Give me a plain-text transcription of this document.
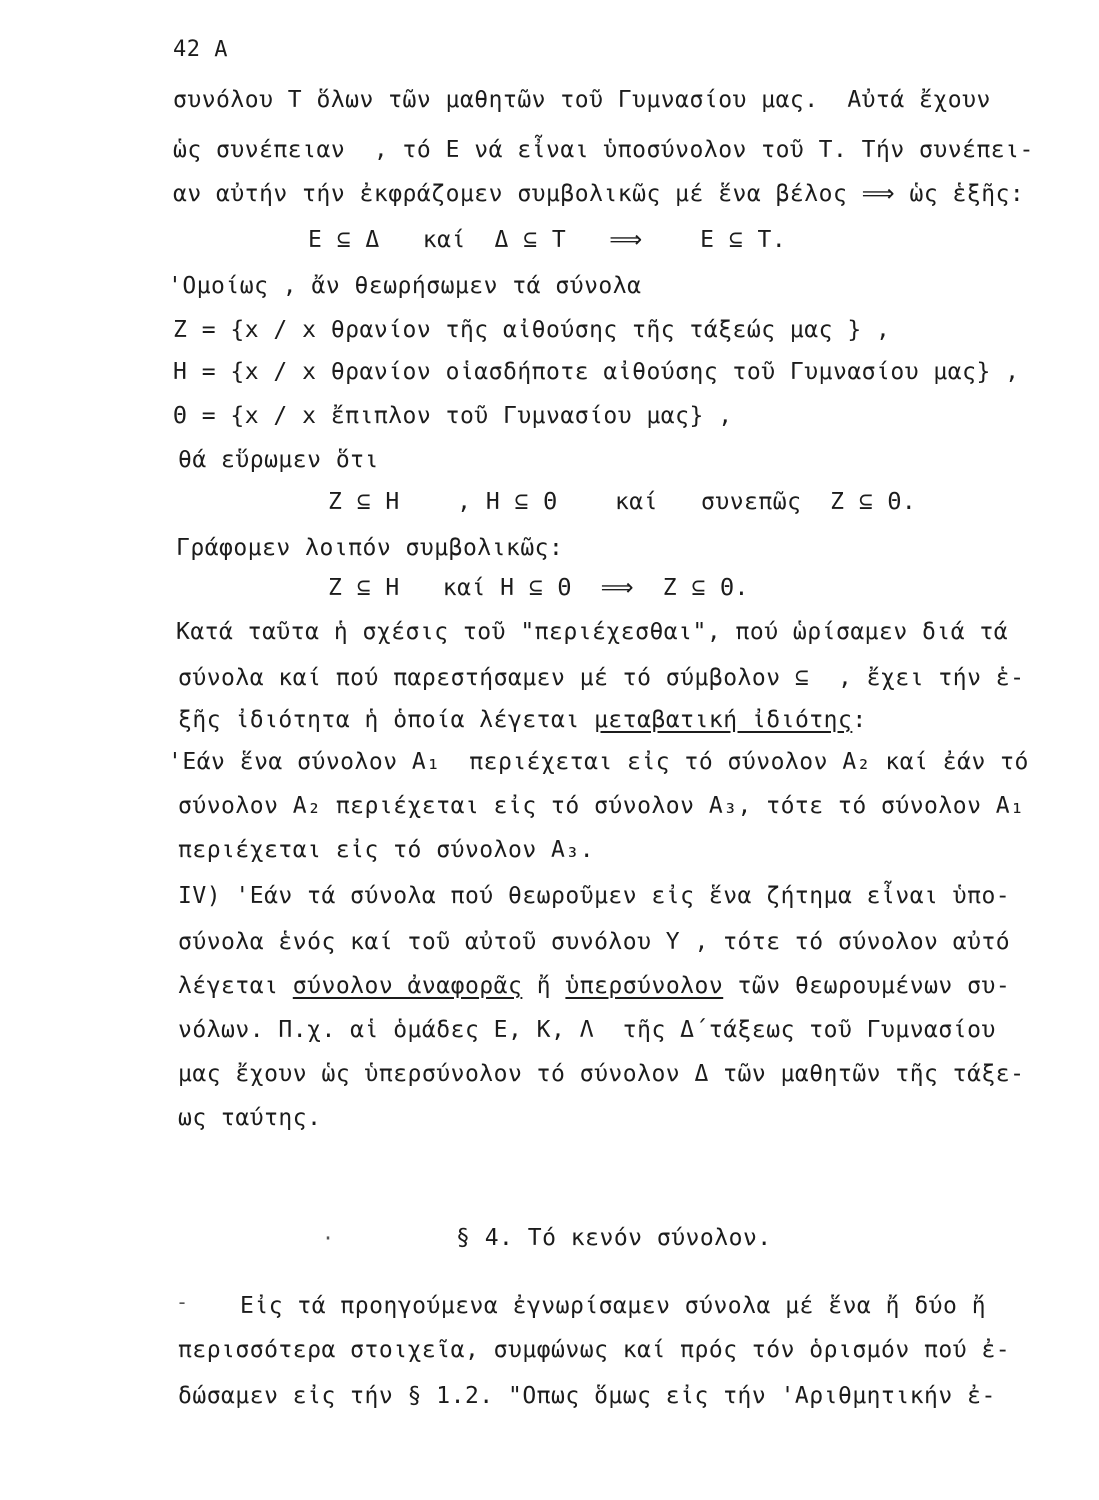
42 Α
συνόλου Τ ὅλων τῶν μαθητῶν τοῦ Γυμνασίου μας.  Αὐτά ἔχουν
ὡς συνέπειαν  , τό Ε νά εἶναι ὑποσύνολον τοῦ Τ. Τήν συνέπει-
αν αὐτήν τήν ἐκφράζομεν συμβολικῶς μέ ἕνα βέλος ⟹ ὡς ἑξῆς:
Ε ⊆ Δ   καί  Δ ⊆ Τ   ⟹    Ε ⊆ Τ.
'Ομοίως , ἄν θεωρήσωμεν τά σύνολα
Ζ = {x / x θρανίον τῆς αἰθούσης τῆς τάξεώς μας } ,
Η = {x / x θρανίον οἱασδήποτε αἰθούσης τοῦ Γυμνασίου μας} ,
Θ = {x / x ἔπιπλον τοῦ Γυμνασίου μας} ,
θά εὕρωμεν ὅτι
Ζ ⊆ Η    , Η ⊆ Θ    καί   συνεπῶς  Ζ ⊆ Θ.
Γράφομεν λοιπόν συμβολικῶς:
Ζ ⊆ Η   καί Η ⊆ Θ  ⟹  Ζ ⊆ Θ.
Κατά ταῦτα ἡ σχέσις τοῦ "περιέχεσθαι", πού ὡρίσαμεν διά τά
σύνολα καί πού παρεστήσαμεν μέ τό σύμβολον ⊆  , ἔχει τήν ἑ-
ξῆς ἰδιότητα ἡ ὁποία λέγεται μεταβατική ἰδιότης:
'Εάν ἕνα σύνολον Α₁  περιέχεται εἰς τό σύνολον Α₂ καί ἐάν τό
σύνολον Α₂ περιέχεται εἰς τό σύνολον Α₃, τότε τό σύνολον Α₁
περιέχεται εἰς τό σύνολον Α₃.
IV) 'Εάν τά σύνολα πού θεωροῦμεν εἰς ἕνα ζήτημα εἶναι ὑπο-
σύνολα ἑνός καί τοῦ αὐτοῦ συνόλου Υ , τότε τό σύνολον αὐτό
λέγεται σύνολον ἀναφορᾶς ἤ ὑπερσύνολον τῶν θεωρουμένων συ-
νόλων. Π.χ. αἱ ὁμάδες Ε, Κ, Λ  τῆς Δ΄τάξεως τοῦ Γυμνασίου
μας ἔχουν ὡς ὑπερσύνολον τό σύνολον Δ τῶν μαθητῶν τῆς τάξε-
ως ταύτης.
§ 4. Τό κενόν σύνολον.
Εἰς τά προηγούμενα ἐγνωρίσαμεν σύνολα μέ ἕνα ἤ δύο ἤ
περισσότερα στοιχεῖα, συμφώνως καί πρός τόν ὁρισμόν πού ἐ-
δώσαμεν εἰς τήν § 1.2. "Οπως ὅμως εἰς τήν 'Αριθμητικήν ἐ-
·
-
